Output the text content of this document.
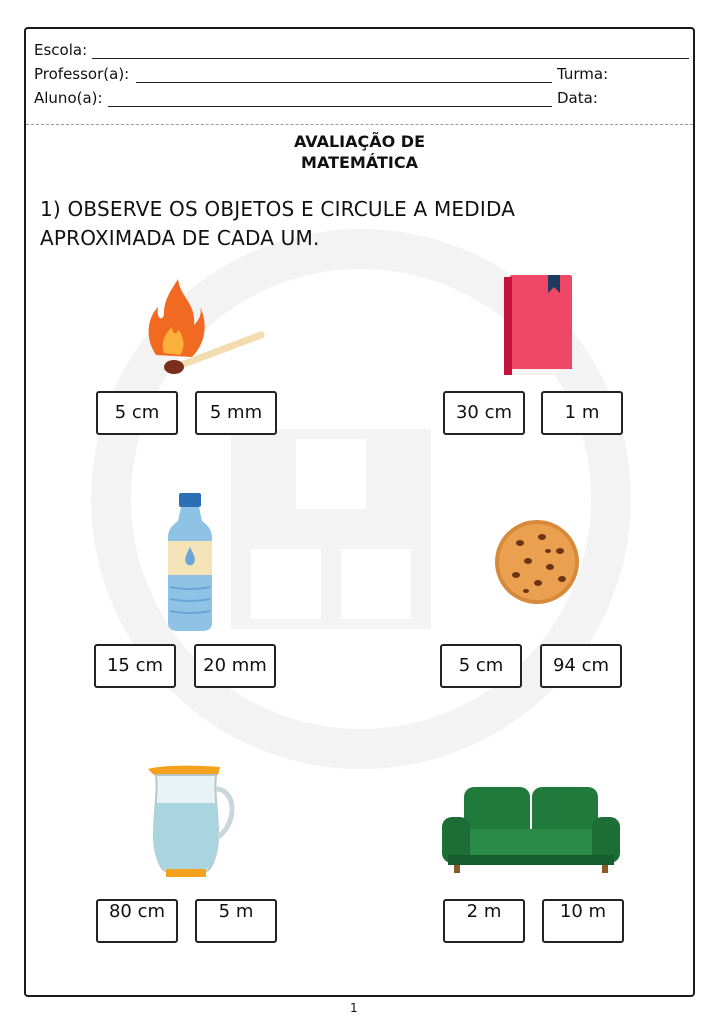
Escola:
Professor(a):	Turma:
Aluno(a):	Data:
AVALIAÇÃO DE
MATEMÁTICA
1) OBSERVE OS OBJETOS E CIRCULE A MEDIDA
APROXIMADA DE CADA UM.
5 cm	5 mm	30 cm	1 m
15 cm	20 mm	5 cm	94 cm
80 cm	5 m	2 m	10 m
1
